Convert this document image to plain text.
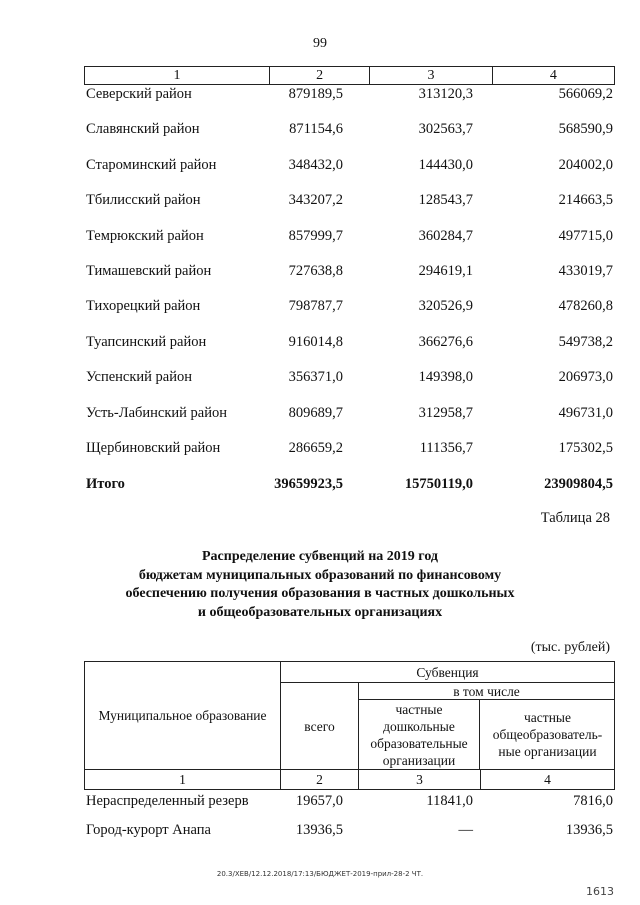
99
1	2	3	4
Северский район	879189,5	313120,3	566069,2
Славянский район	871154,6	302563,7	568590,9
Староминский район	348432,0	144430,0	204002,0
Тбилисский район	343207,2	128543,7	214663,5
Темрюкский район	857999,7	360284,7	497715,0
Тимашевский район	727638,8	294619,1	433019,7
Тихорецкий район	798787,7	320526,9	478260,8
Туапсинский район	916014,8	366276,6	549738,2
Успенский район	356371,0	149398,0	206973,0
Усть-Лабинский район	809689,7	312958,7	496731,0
Щербиновский район	286659,2	111356,7	175302,5
Итого	39659923,5	15750119,0	23909804,5
Таблица 28
Распределение субвенций на 2019 год
бюджетам муниципальных образований по финансовому
обеспечению получения образования в частных дошкольных
и общеобразовательных организациях
(тыс. рублей)
Муниципальное образование
Субвенция
всего
в том числе
частные дошкольные образовательные организации
частные общеобразователь-ные организации
1	2	3	4
Нераспределенный резерв	19657,0	11841,0	7816,0
Город-курорт Анапа	13936,5	—	13936,5
20.3/ХЕВ/12.12.2018/17:13/БЮДЖЕТ-2019-прил-28-2 ЧТ.
1613
